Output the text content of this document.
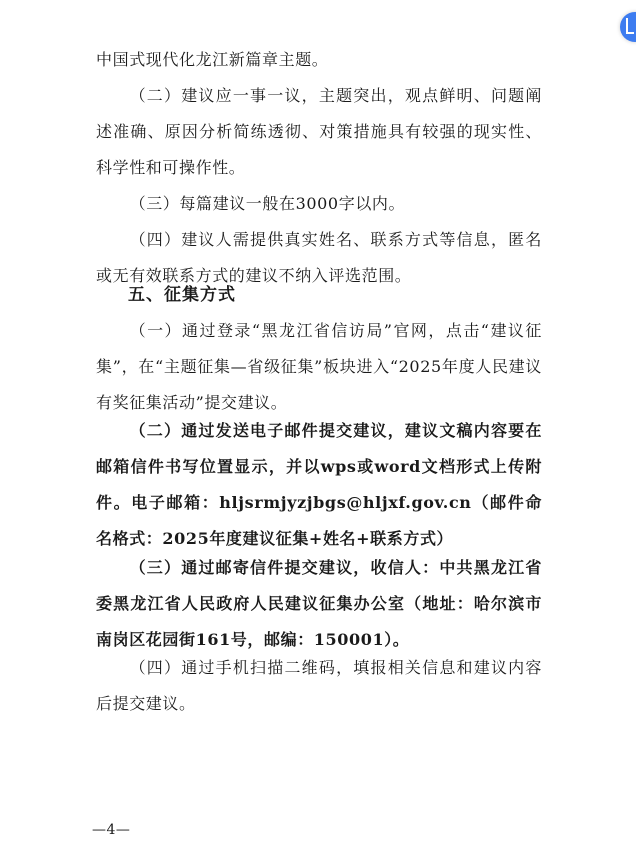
中国式现代化龙江新篇章主题。

（二）建议应一事一议，主题突出，观点鲜明、问题阐述准确、原因分析简练透彻、对策措施具有较强的现实性、科学性和可操作性。

（三）每篇建议一般在3000字以内。

（四）建议人需提供真实姓名、联系方式等信息，匿名或无有效联系方式的建议不纳入评选范围。

五、征集方式

（一）通过登录“黑龙江省信访局”官网，点击“建议征集”，在“主题征集—省级征集”板块进入“2025年度人民建议有奖征集活动”提交建议。

（二）通过发送电子邮件提交建议，建议文稿内容要在邮箱信件书写位置显示，并以wps或word文档形式上传附件。电子邮箱：hljsrmjyzjbgs@hljxf.gov.cn（邮件命名格式：2025年度建议征集+姓名+联系方式）

（三）通过邮寄信件提交建议，收信人：中共黑龙江省委黑龙江省人民政府人民建议征集办公室（地址：哈尔滨市南岗区花园街161号，邮编：150001）。

（四）通过手机扫描二维码，填报相关信息和建议内容后提交建议。

—4—
